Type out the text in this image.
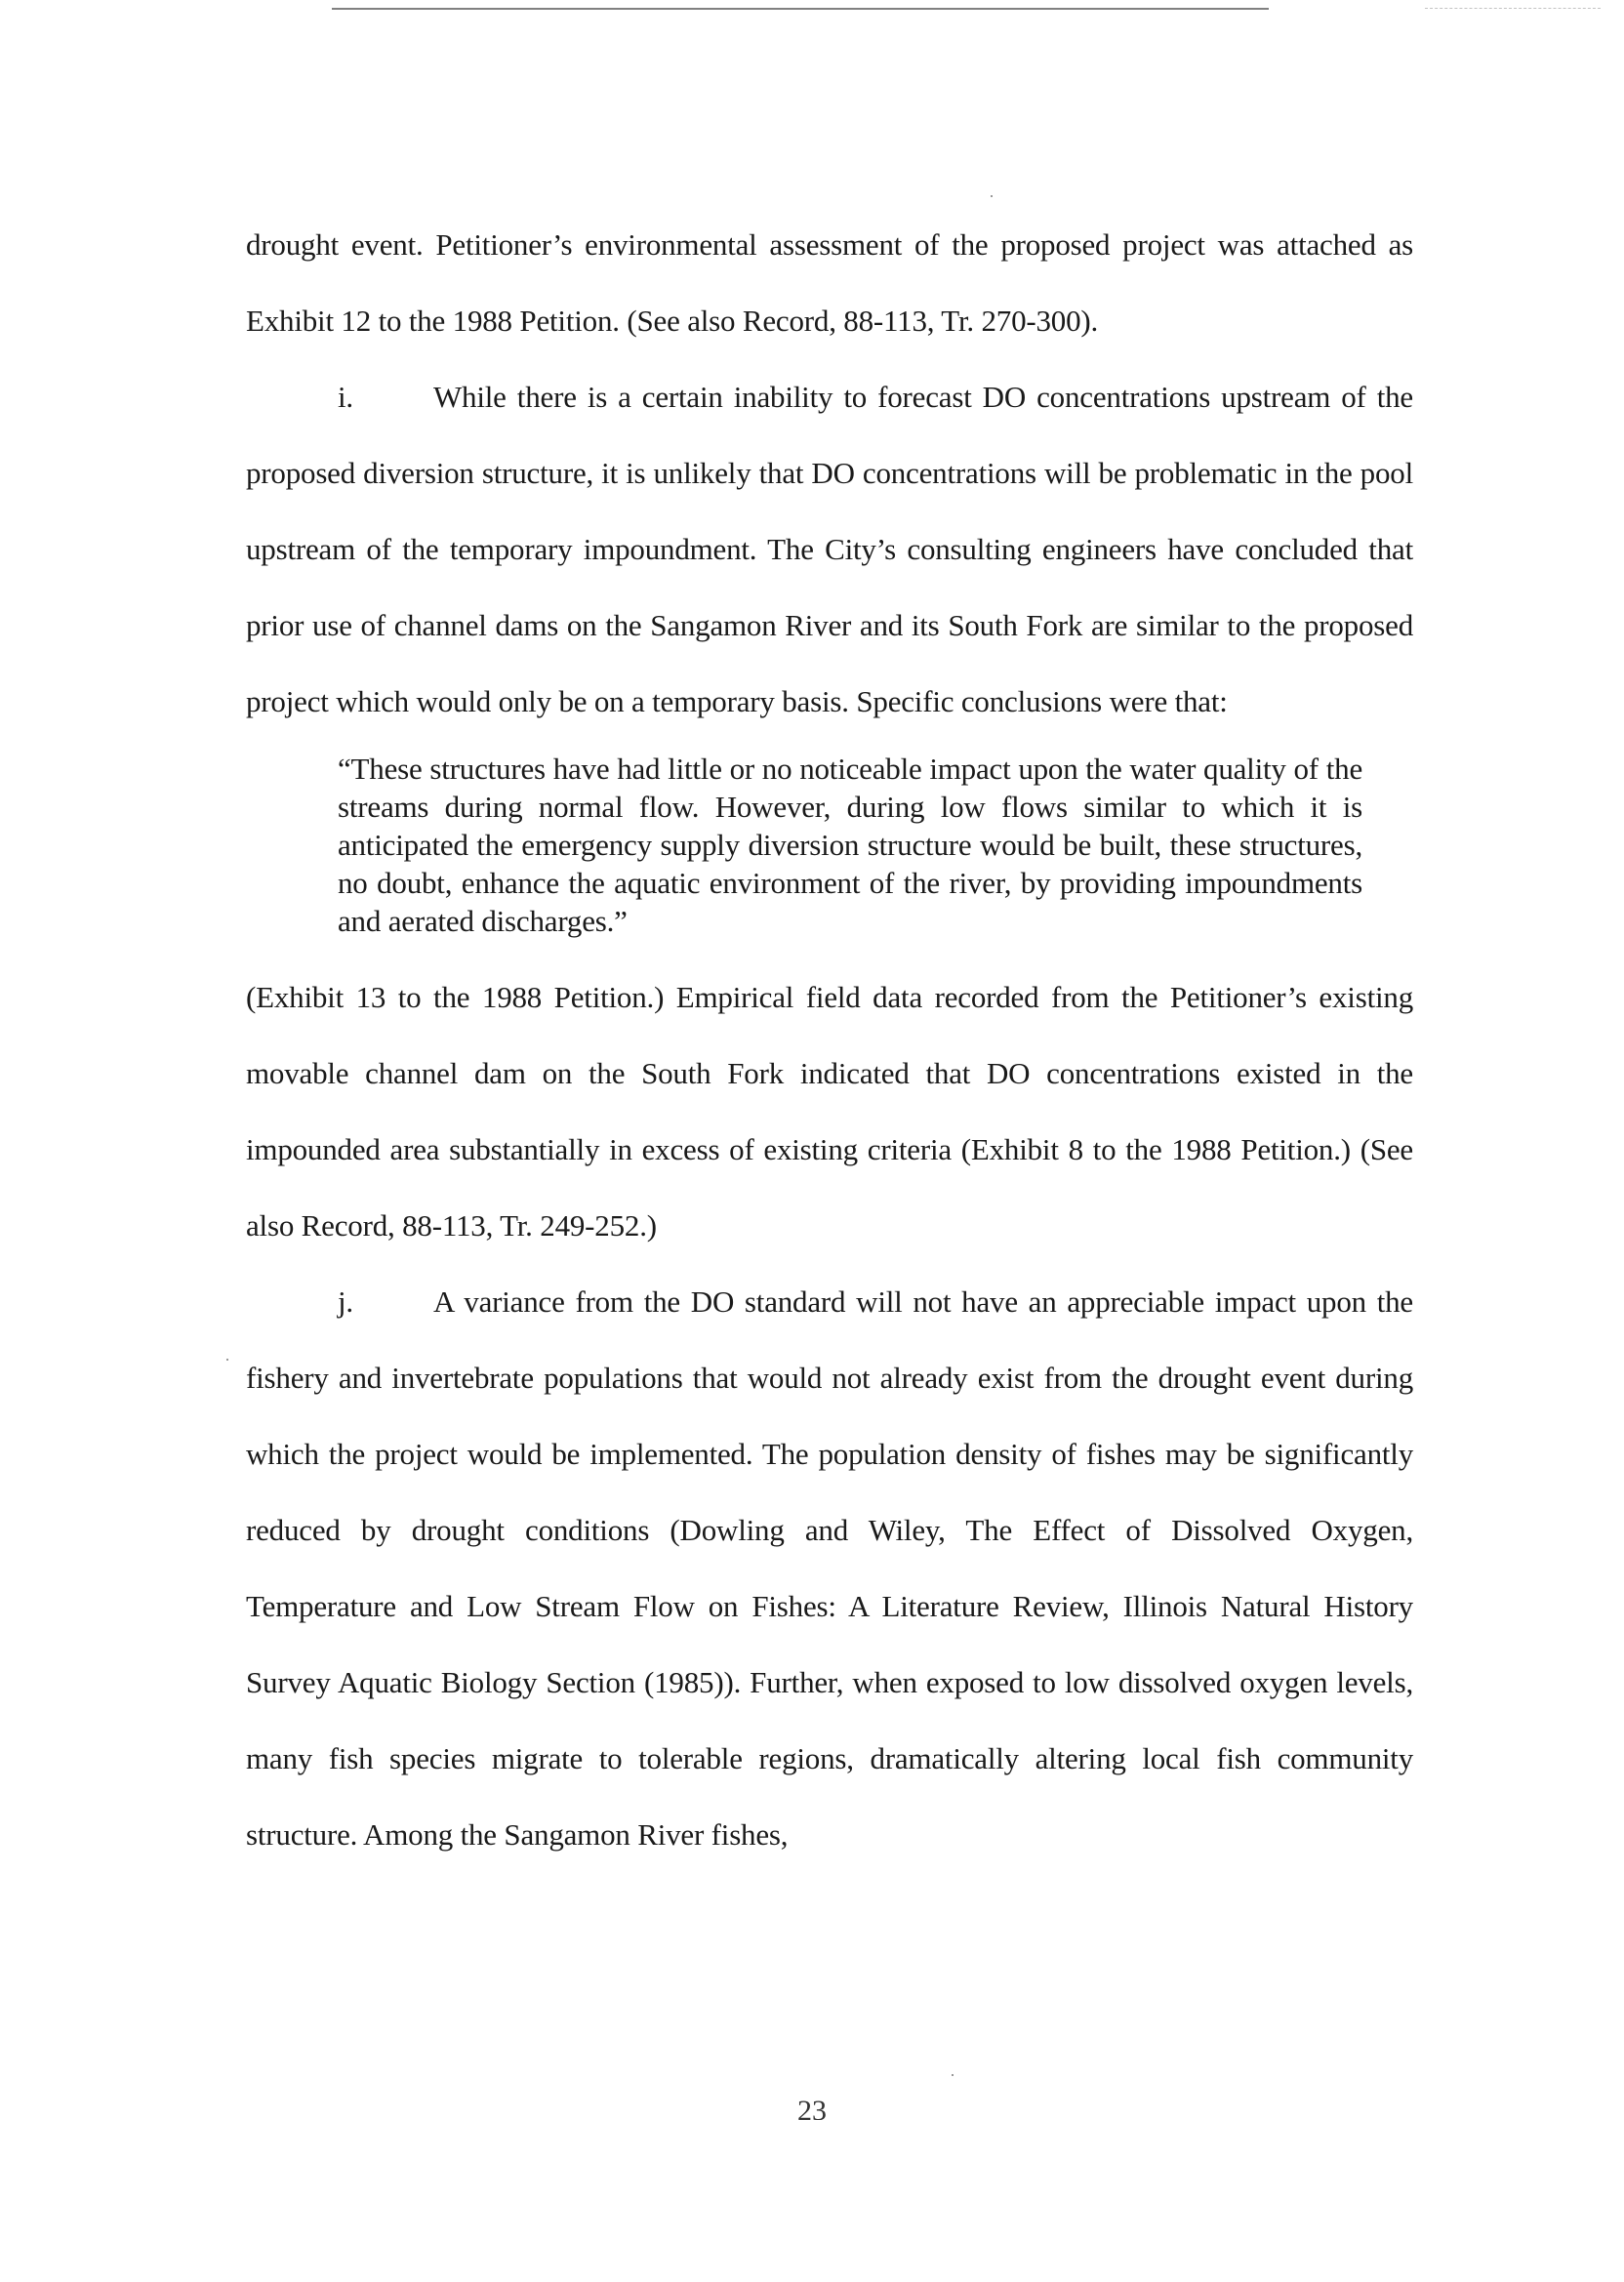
drought event. Petitioner’s environmental assessment of the proposed project was attached as Exhibit 12 to the 1988 Petition. (See also Record, 88-113, Tr. 270-300).

i.	While there is a certain inability to forecast DO concentrations upstream of the proposed diversion structure, it is unlikely that DO concentrations will be problematic in the pool upstream of the temporary impoundment. The City’s consulting engineers have concluded that prior use of channel dams on the Sangamon River and its South Fork are similar to the proposed project which would only be on a temporary basis. Specific conclusions were that:

“These structures have had little or no noticeable impact upon the water quality of the streams during normal flow. However, during low flows similar to which it is anticipated the emergency supply diversion structure would be built, these structures, no doubt, enhance the aquatic environment of the river, by providing impoundments and aerated discharges.”

(Exhibit 13 to the 1988 Petition.) Empirical field data recorded from the Petitioner’s existing movable channel dam on the South Fork indicated that DO concentrations existed in the impounded area substantially in excess of existing criteria (Exhibit 8 to the 1988 Petition.) (See also Record, 88-113, Tr. 249-252.)

j.	A variance from the DO standard will not have an appreciable impact upon the fishery and invertebrate populations that would not already exist from the drought event during which the project would be implemented. The population density of fishes may be significantly reduced by drought conditions (Dowling and Wiley, The Effect of Dissolved Oxygen, Temperature and Low Stream Flow on Fishes: A Literature Review, Illinois Natural History Survey Aquatic Biology Section (1985)). Further, when exposed to low dissolved oxygen levels, many fish species migrate to tolerable regions, dramatically altering local fish community structure. Among the Sangamon River fishes,

23
